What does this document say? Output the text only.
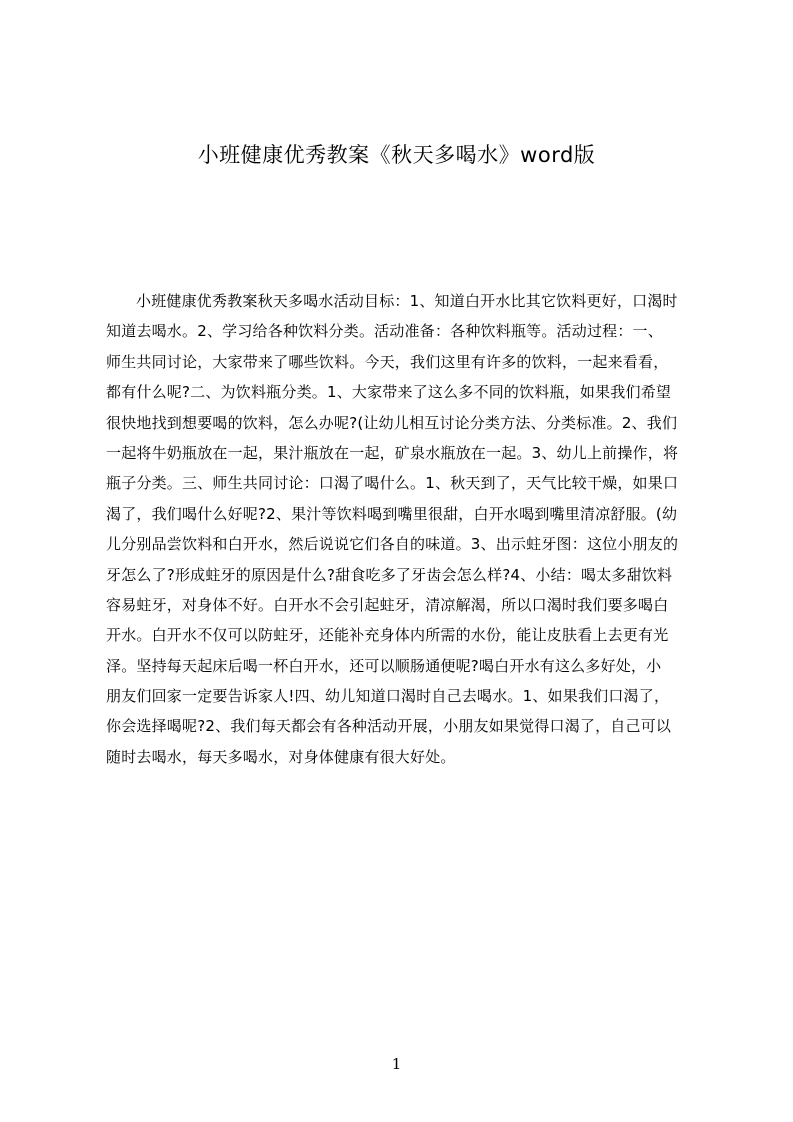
小班健康优秀教案《秋天多喝水》word版
小班健康优秀教案秋天多喝水活动目标：1、知道白开水比其它饮料更好，口渴时
知道去喝水。2、学习给各种饮料分类。活动准备：各种饮料瓶等。活动过程：一、
师生共同讨论，大家带来了哪些饮料。今天，我们这里有许多的饮料，一起来看看，
都有什么呢?二、为饮料瓶分类。1、大家带来了这么多不同的饮料瓶，如果我们希望
很快地找到想要喝的饮料，怎么办呢?(让幼儿相互讨论分类方法、分类标准。2、我们
一起将牛奶瓶放在一起，果汁瓶放在一起，矿泉水瓶放在一起。3、幼儿上前操作，将
瓶子分类。三、师生共同讨论：口渴了喝什么。1、秋天到了，天气比较干燥，如果口
渴了，我们喝什么好呢?2、果汁等饮料喝到嘴里很甜，白开水喝到嘴里清凉舒服。(幼
儿分别品尝饮料和白开水，然后说说它们各自的味道。3、出示蛀牙图：这位小朋友的
牙怎么了?形成蛀牙的原因是什么?甜食吃多了牙齿会怎么样?4、小结：喝太多甜饮料
容易蛀牙，对身体不好。白开水不会引起蛀牙，清凉解渴，所以口渴时我们要多喝白
开水。白开水不仅可以防蛀牙，还能补充身体内所需的水份，能让皮肤看上去更有光
泽。坚持每天起床后喝一杯白开水，还可以顺肠通便呢?喝白开水有这么多好处，小
朋友们回家一定要告诉家人!四、幼儿知道口渴时自己去喝水。1、如果我们口渴了，
你会选择喝呢?2、我们每天都会有各种活动开展，小朋友如果觉得口渴了，自己可以
随时去喝水，每天多喝水，对身体健康有很大好处。
1
